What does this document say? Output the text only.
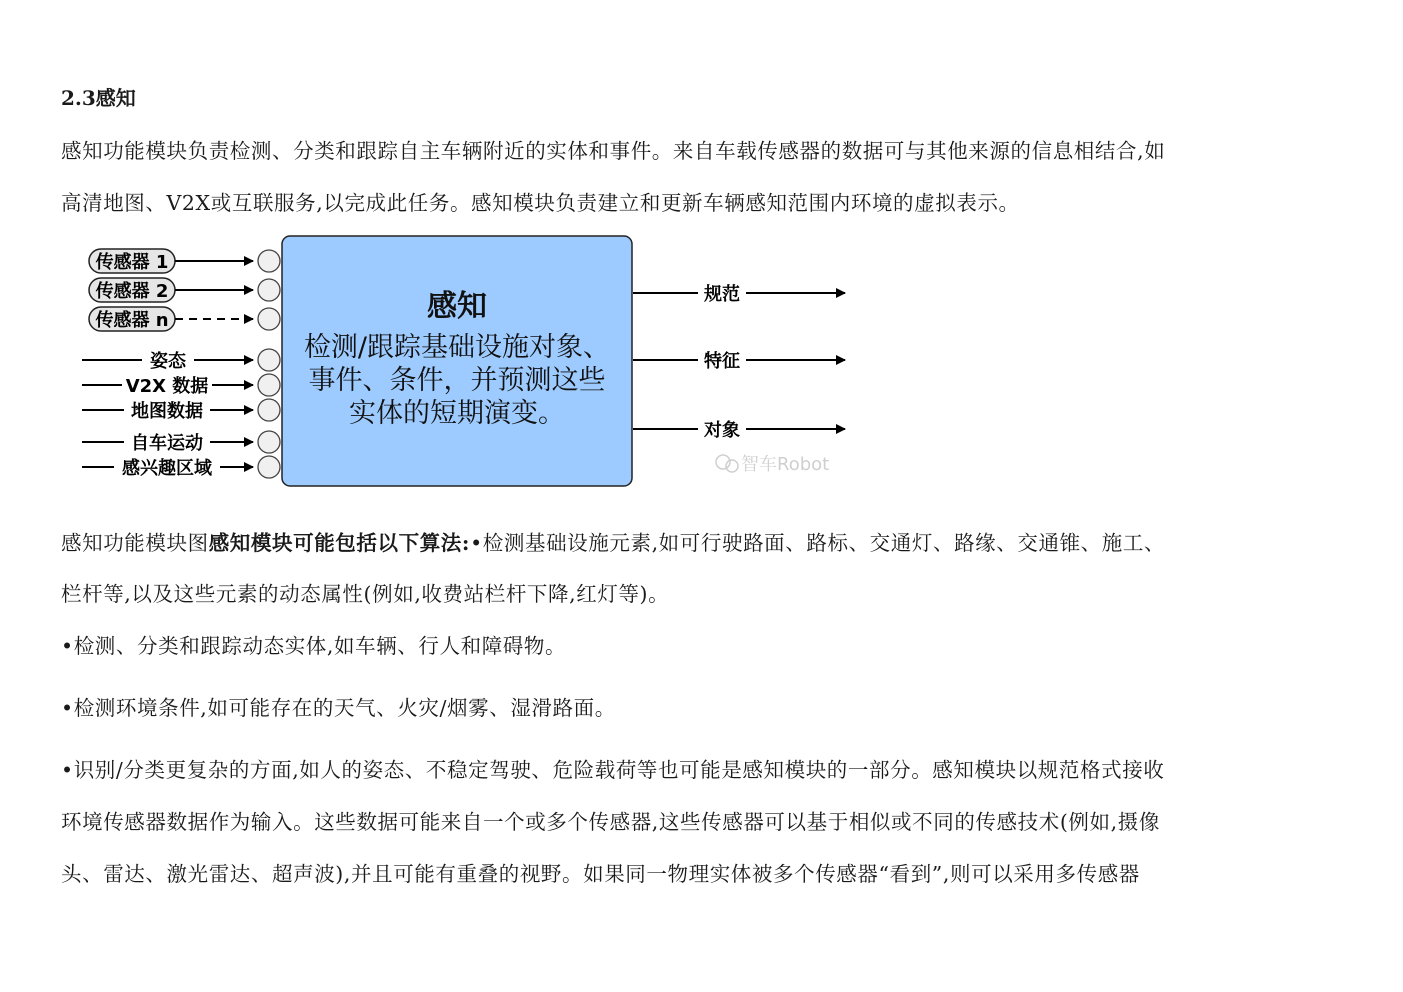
2.3感知
感知功能模块负责检测、分类和跟踪自主车辆附近的实体和事件。来自车载传感器的数据可与其他来源的信息相结合,如
高清地图、V2X或互联服务,以完成此任务。感知模块负责建立和更新车辆感知范围内环境的虚拟表示。
感知
检测/跟踪基础设施对象、
事件、条件，并预测这些
实体的短期演变。
传感器 1
传感器 2
传感器 n
姿态
V2X 数据
地图数据
自车运动
感兴趣区域
规范
特征
对象
智车Robot
感知功能模块图感知模块可能包括以下算法:•检测基础设施元素,如可行驶路面、路标、交通灯、路缘、交通锥、施工、
栏杆等,以及这些元素的动态属性(例如,收费站栏杆下降,红灯等)。
•检测、分类和跟踪动态实体,如车辆、行人和障碍物。
•检测环境条件,如可能存在的天气、火灾/烟雾、湿滑路面。
•识别/分类更复杂的方面,如人的姿态、不稳定驾驶、危险载荷等也可能是感知模块的一部分。感知模块以规范格式接收
环境传感器数据作为输入。这些数据可能来自一个或多个传感器,这些传感器可以基于相似或不同的传感技术(例如,摄像
头、雷达、激光雷达、超声波),并且可能有重叠的视野。如果同一物理实体被多个传感器“看到”,则可以采用多传感器
